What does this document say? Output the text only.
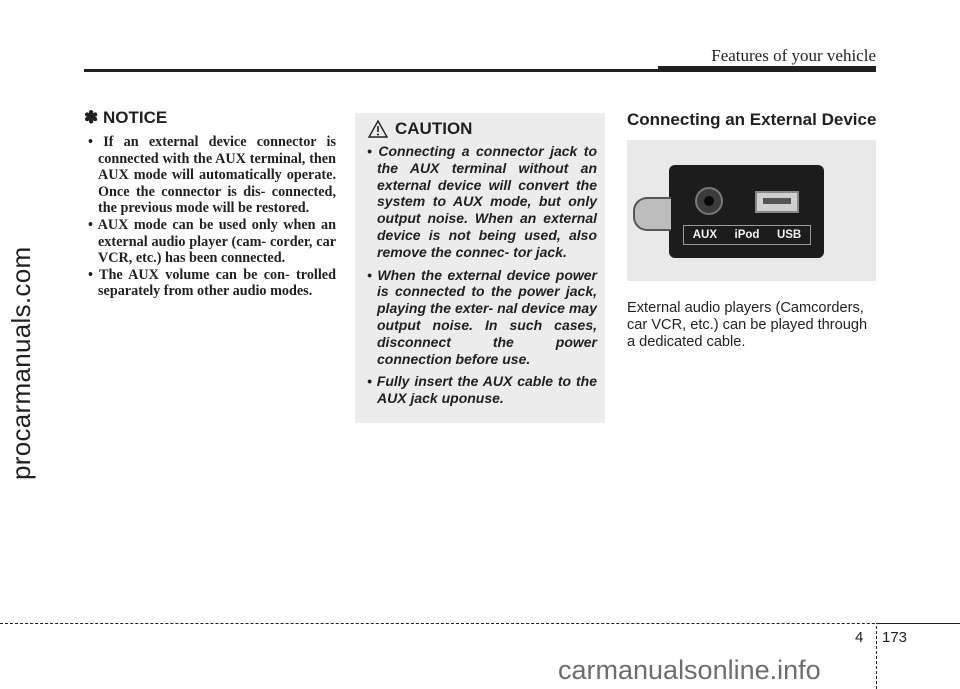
Features of your vehicle
procarmanuals.com
✽ NOTICE
• If an external device connector is connected with the AUX terminal, then AUX mode will automatically operate. Once the connector is dis- connected, the previous mode will be restored.
• AUX mode can be used only when an external audio player (cam- corder, car VCR, etc.) has been connected.
• The AUX volume can be con- trolled separately from other audio modes.
CAUTION
• Connecting a connector jack to the AUX terminal without an external device will convert the system to AUX mode, but only output noise. When an external device is not being used, also remove the connec- tor jack.
• When the external device power is connected to the power jack, playing the exter- nal device may output noise. In such cases, disconnect the power connection before use.
• Fully insert the AUX cable to the AUX jack uponuse.
Connecting an External Device
AUX iPod USB
External audio players (Camcorders, car VCR, etc.) can be played through a dedicated cable.
4 173
carmanualsonline.info
